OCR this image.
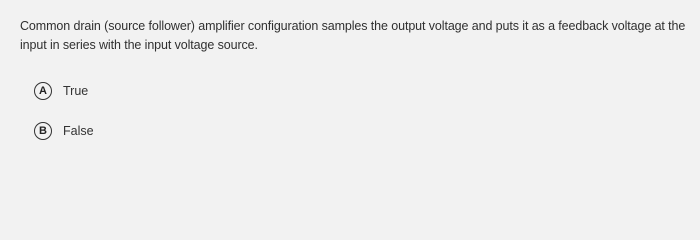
Common drain (source follower) amplifier configuration samples the output voltage and puts it as a feedback voltage at the input in series with the input voltage source.
A	True
B	False
